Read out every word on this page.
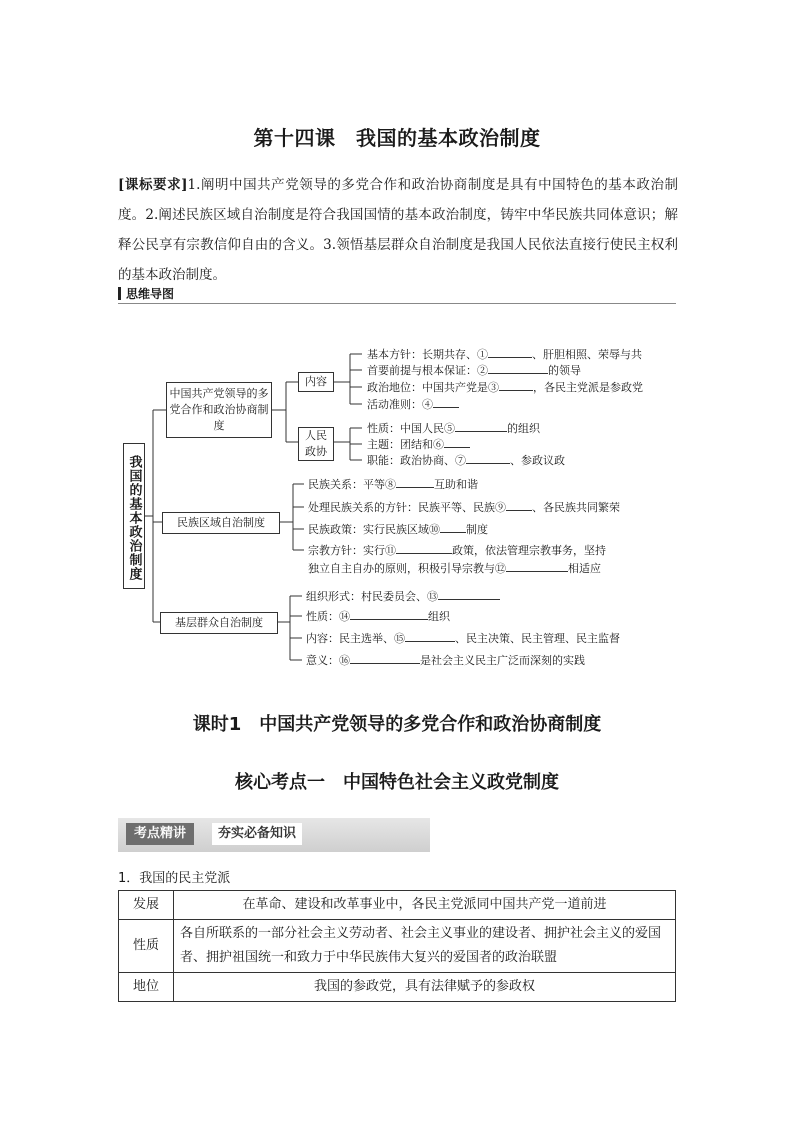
第十四课　我国的基本政治制度
[课标要求]1.阐明中国共产党领导的多党合作和政治协商制度是具有中国特色的基本政治制度。2.阐述民族区域自治制度是符合我国国情的基本政治制度，铸牢中华民族共同体意识；解释公民享有宗教信仰自由的含义。3.领悟基层群众自治制度是我国人民依法直接行使民主权利的基本政治制度。
思维导图
我国的基本政治制度
中国共产党领导的多党合作和政治协商制度
内容
人民政协
民族区域自治制度
基层群众自治制度
基本方针：长期共存、①	、肝胆相照、荣辱与共
首要前提与根本保证：②	的领导
政治地位：中国共产党是③	，各民主党派是参政党
活动准则：④
性质：中国人民⑤	的组织
主题：团结和⑥
职能：政治协商、⑦	、参政议政
民族关系：平等⑧	互助和谐
处理民族关系的方针：民族平等、民族⑨ 、各民族共同繁荣
民族政策：实行民族区域⑩ 制度
宗教方针：实行⑪	政策，依法管理宗教事务，坚持
独立自主自办的原则，积极引导宗教与⑫	相适应
组织形式：村民委员会、⑬
性质：⑭	组织
内容：民主选举、⑮	、民主决策、民主管理、民主监督
意义：⑯	是社会主义民主广泛而深刻的实践
课时1　中国共产党领导的多党合作和政治协商制度
核心考点一　中国特色社会主义政党制度
考点精讲	夯实必备知识
1．我国的民主党派
发展	在革命、建设和改革事业中，各民主党派同中国共产党一道前进
性质	各自所联系的一部分社会主义劳动者、社会主义事业的建设者、拥护社会主义的爱国者、拥护祖国统一和致力于中华民族伟大复兴的爱国者的政治联盟
地位	我国的参政党，具有法律赋予的参政权
